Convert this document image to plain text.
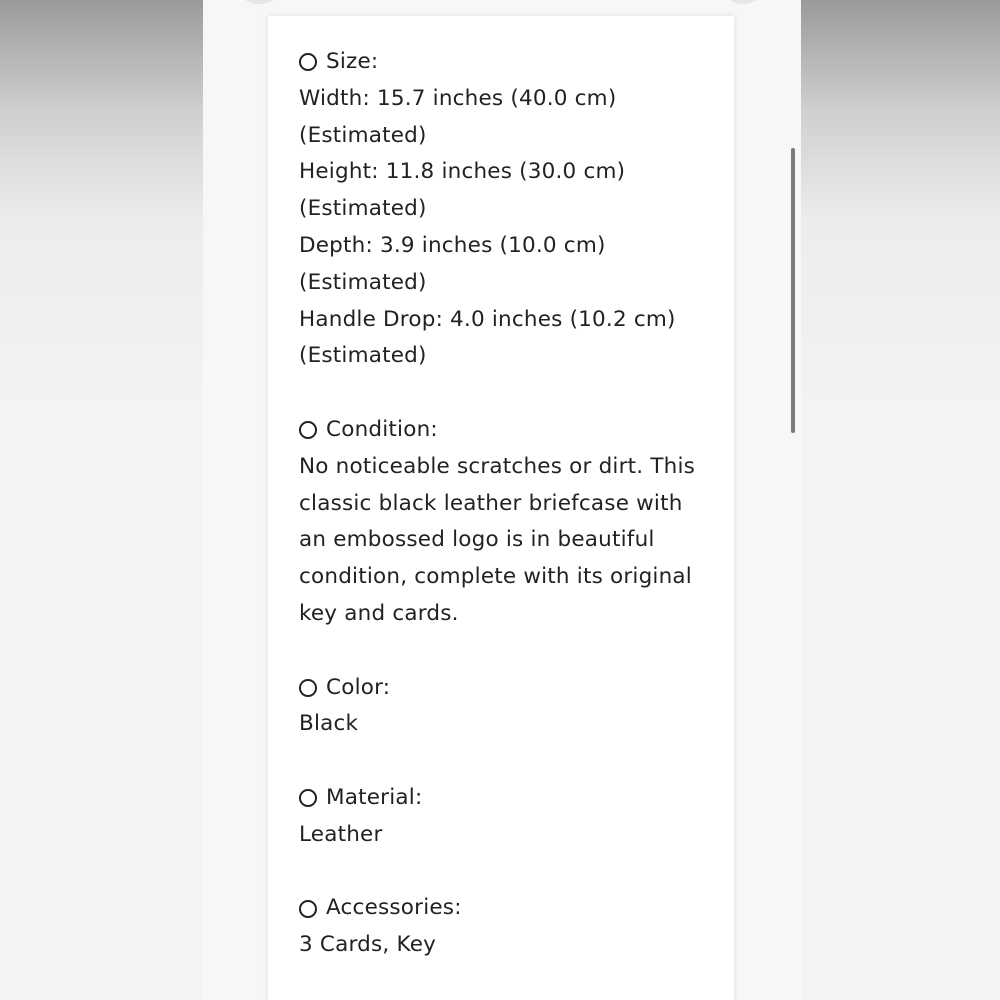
Size:
Width: 15.7 inches (40.0 cm)
(Estimated)
Height: 11.8 inches (30.0 cm)
(Estimated)
Depth: 3.9 inches (10.0 cm)
(Estimated)
Handle Drop: 4.0 inches (10.2 cm)
(Estimated)
Condition:
No noticeable scratches or dirt. This
classic black leather briefcase with
an embossed logo is in beautiful
condition, complete with its original
key and cards.
Color:
Black
Material:
Leather
Accessories:
3 Cards, Key
